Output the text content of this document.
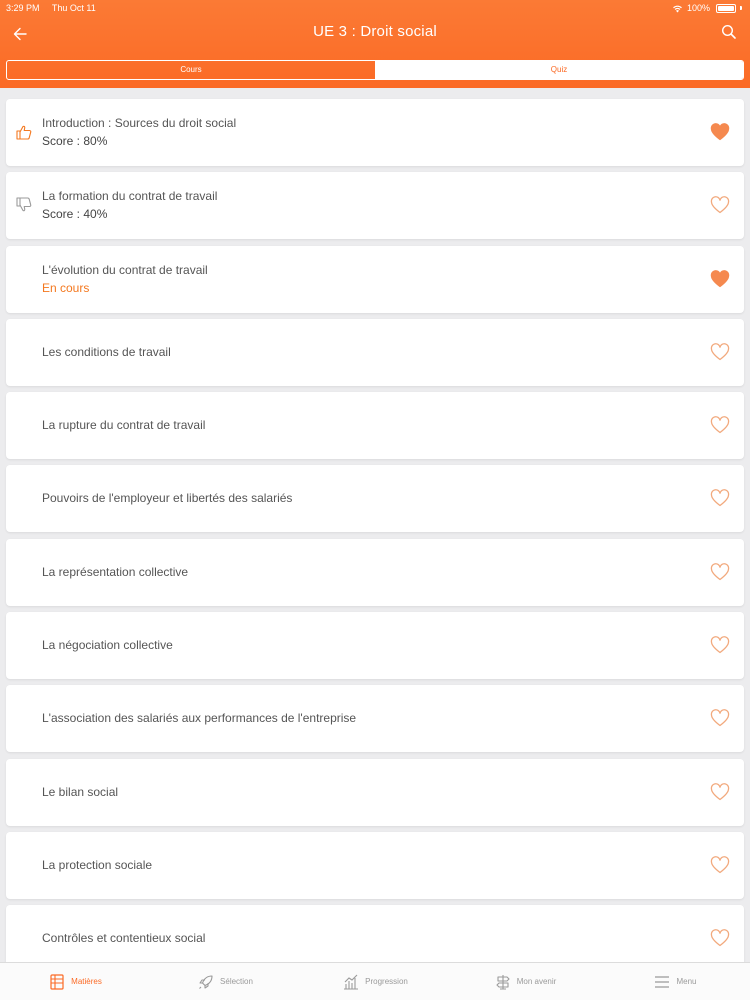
3:29 PM Thu Oct 11	100%
UE 3 : Droit social
Cours	Quiz
Introduction : Sources du droit social
Score : 80%
La formation du contrat de travail
Score : 40%
L'évolution du contrat de travail
En cours
Les conditions de travail
La rupture du contrat de travail
Pouvoirs de l'employeur et libertés des salariés
La représentation collective
La négociation collective
L'association des salariés aux performances de l'entreprise
Le bilan social
La protection sociale
Contrôles et contentieux social
Matières	Sélection	Progression	Mon avenir	Menu
